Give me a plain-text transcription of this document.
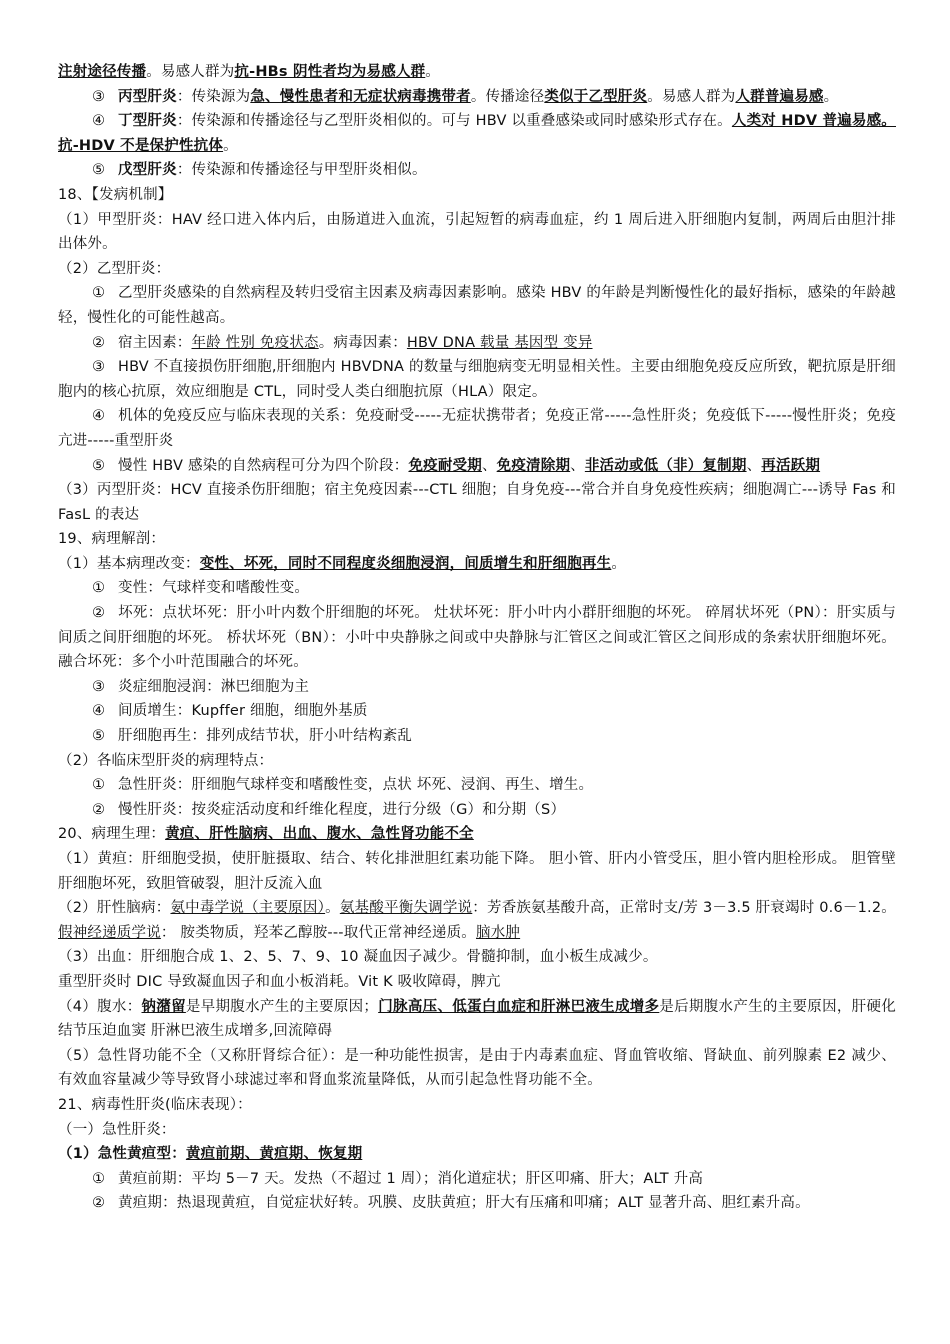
注射途径传播。易感人群为抗-HBs 阴性者均为易感人群。

③ 丙型肝炎：传染源为急、慢性患者和无症状病毒携带者。传播途径类似于乙型肝炎。易感人群为人群普遍易感。

④ 丁型肝炎：传染源和传播途径与乙型肝炎相似的。可与 HBV 以重叠感染或同时感染形式存在。人类对 HDV 普遍易感。抗-HDV 不是保护性抗体。

⑤ 戊型肝炎：传染源和传播途径与甲型肝炎相似。

18、【发病机制】

（1）甲型肝炎：HAV 经口进入体内后，由肠道进入血流，引起短暂的病毒血症，约 1 周后进入肝细胞内复制，两周后由胆汁排出体外。

（2）乙型肝炎：

① 乙型肝炎感染的自然病程及转归受宿主因素及病毒因素影响。感染 HBV 的年龄是判断慢性化的最好指标，感染的年龄越轻，慢性化的可能性越高。

② 宿主因素：年龄 性别 免疫状态。病毒因素：HBV DNA 载量 基因型 变异

③ HBV 不直接损伤肝细胞,肝细胞内 HBVDNA 的数量与细胞病变无明显相关性。主要由细胞免疫反应所致，靶抗原是肝细胞内的核心抗原，效应细胞是 CTL，同时受人类白细胞抗原（HLA）限定。

④ 机体的免疫反应与临床表现的关系：免疫耐受-----无症状携带者；免疫正常-----急性肝炎；免疫低下-----慢性肝炎；免疫亢进-----重型肝炎

⑤ 慢性 HBV 感染的自然病程可分为四个阶段：免疫耐受期、免疫清除期、非活动或低（非）复制期、再活跃期

（3）丙型肝炎：HCV 直接杀伤肝细胞；宿主免疫因素---CTL 细胞；自身免疫---常合并自身免疫性疾病；细胞凋亡---诱导 Fas 和 FasL 的表达

19、病理解剖：

（1）基本病理改变：变性、坏死，同时不同程度炎细胞浸润，间质增生和肝细胞再生。

① 变性：气球样变和嗜酸性变。

② 坏死：点状坏死：肝小叶内数个肝细胞的坏死。 灶状坏死：肝小叶内小群肝细胞的坏死。 碎屑状坏死（PN）：肝实质与间质之间肝细胞的坏死。 桥状坏死（BN）：小叶中央静脉之间或中央静脉与汇管区之间或汇管区之间形成的条索状肝细胞坏死。 融合坏死：多个小叶范围融合的坏死。

③ 炎症细胞浸润：淋巴细胞为主

④ 间质增生：Kupffer 细胞，细胞外基质

⑤ 肝细胞再生：排列成结节状，肝小叶结构紊乱

（2）各临床型肝炎的病理特点：

① 急性肝炎：肝细胞气球样变和嗜酸性变，点状 坏死、浸润、再生、增生。

② 慢性肝炎：按炎症活动度和纤维化程度，进行分级（G）和分期（S）

20、病理生理：黄疸、肝性脑病、出血、腹水、急性肾功能不全

（1）黄疸：肝细胞受损，使肝脏摄取、结合、转化排泄胆红素功能下降。 胆小管、肝内小管受压，胆小管内胆栓形成。 胆管壁肝细胞坏死，致胆管破裂，胆汁反流入血

（2）肝性脑病：氨中毒学说（主要原因）。氨基酸平衡失调学说：芳香族氨基酸升高，正常时支/芳 3－3.5 肝衰竭时 0.6－1.2。 假神经递质学说： 胺类物质，羟苯乙醇胺---取代正常神经递质。脑水肿

（3）出血：肝细胞合成 1、2、5、7、9、10 凝血因子减少。骨髓抑制，血小板生成减少。

重型肝炎时 DIC 导致凝血因子和血小板消耗。Vit K 吸收障碍，脾亢

（4）腹水：钠潴留是早期腹水产生的主要原因；门脉高压、低蛋白血症和肝淋巴液生成增多是后期腹水产生的主要原因，肝硬化结节压迫血窦 肝淋巴液生成增多,回流障碍

（5）急性肾功能不全（又称肝肾综合征）：是一种功能性损害，是由于内毒素血症、肾血管收缩、肾缺血、前列腺素 E2 减少、有效血容量减少等导致肾小球滤过率和肾血浆流量降低，从而引起急性肾功能不全。

21、病毒性肝炎(临床表现）：

（一）急性肝炎：

（1）急性黄疸型：黄疸前期、黄疸期、恢复期

① 黄疸前期：平均 5－7 天。发热（不超过 1 周）；消化道症状；肝区叩痛、肝大；ALT 升高

② 黄疸期：热退现黄疸，自觉症状好转。巩膜、皮肤黄疸；肝大有压痛和叩痛；ALT 显著升高、胆红素升高。
